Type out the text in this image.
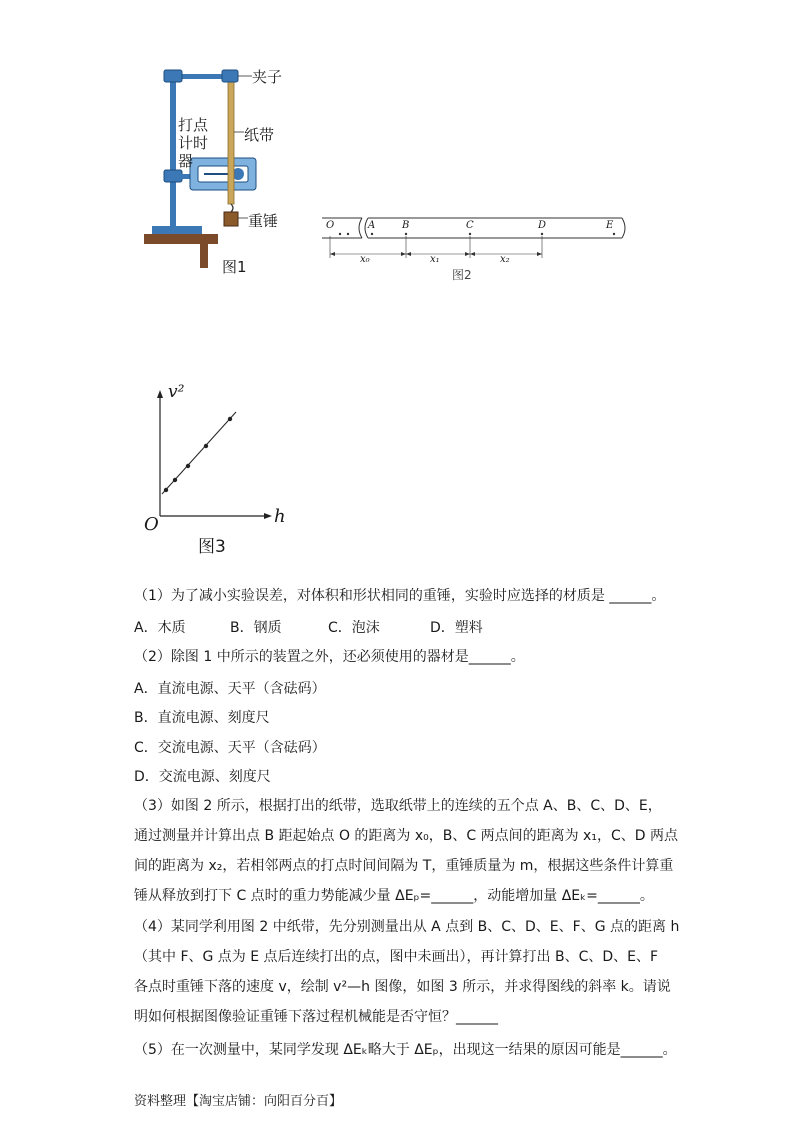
夹子
打点
计时器
纸带
重锤
图1
O	A	B	C	D	E
x₀	x₁	x₂
图2
v²
h
O
图3
（1）为了减小实验误差，对体积和形状相同的重锤，实验时应选择的材质是 ______。
A．木质	B．钢质	C．泡沫	D．塑料
（2）除图 1 中所示的装置之外，还必须使用的器材是______。
A．直流电源、天平（含砝码）
B．直流电源、刻度尺
C．交流电源、天平（含砝码）
D．交流电源、刻度尺
（3）如图 2 所示，根据打出的纸带，选取纸带上的连续的五个点 A、B、C、D、E，
通过测量并计算出点 B 距起始点 O 的距离为 x₀，B、C 两点间的距离为 x₁，C、D 两点
间的距离为 x₂，若相邻两点的打点时间间隔为 T，重锤质量为 m，根据这些条件计算重
锤从释放到打下 C 点时的重力势能减少量 ΔEₚ=______，动能增加量 ΔEₖ=______。
（4）某同学利用图 2 中纸带，先分别测量出从 A 点到 B、C、D、E、F、G 点的距离 h
（其中 F、G 点为 E 点后连续打出的点，图中未画出），再计算打出 B、C、D、E、F
各点时重锤下落的速度 v，绘制 v²—h 图像，如图 3 所示，并求得图线的斜率 k。请说
明如何根据图像验证重锤下落过程机械能是否守恒？______
（5）在一次测量中，某同学发现 ΔEₖ略大于 ΔEₚ，出现这一结果的原因可能是______。
资料整理【淘宝店铺：向阳百分百】
